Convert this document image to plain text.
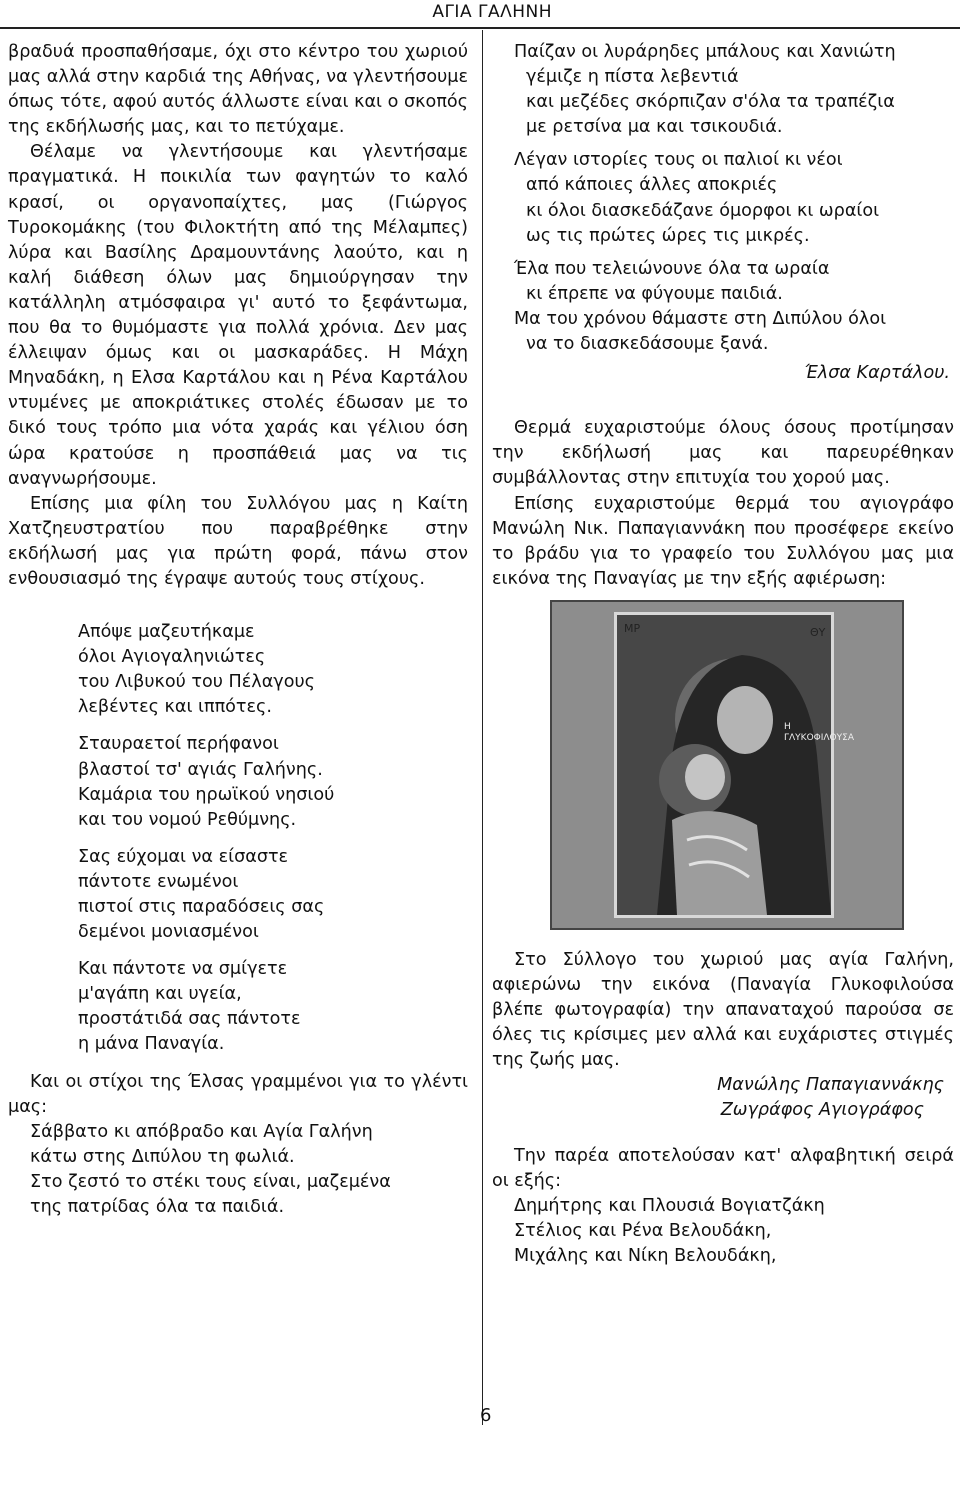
ΑΓΙΑ ΓΑΛΗΝΗ

βραδυά προσπαθήσαμε, όχι στο κέντρο του χωριού μας αλλά στην καρδιά της Αθήνας, να γλεντήσουμε όπως τότε, αφού αυτός άλλωστε είναι και ο σκοπός της εκδήλωσής μας, και το πετύχαμε.

Θέλαμε να γλεντήσουμε και γλεντήσαμε πραγματικά. Η ποικιλία των φαγητών το καλό κρασί, οι οργανοπαίχτες, μας (Γιώργος Τυροκομάκης (του Φιλοκτήτη από της Μέλαμπες) λύρα και Βασίλης Δραμουντάνης λαούτο, και η καλή διάθεση όλων μας δημιούργησαν την κατάλληλη ατμόσφαιρα γι' αυτό το ξεφάντωμα, που θα το θυμόμαστε για πολλά χρόνια. Δεν μας έλλειψαν όμως και οι μασκαράδες. Η Μάχη Μηναδάκη, η Ελσα Καρτάλου και η Ρένα Καρτάλου ντυμένες με αποκριάτικες στολές έδωσαν με το δικό τους τρόπο μια νότα χαράς και γέλιου όση ώρα κρατούσε η προσπάθειά μας να τις αναγνωρήσουμε.

Επίσης μια φίλη του Συλλόγου μας η Καίτη Χατζηευστρατίου που παραβρέθηκε στην εκδήλωσή μας για πρώτη φορά, πάνω στον ενθουσιασμό της έγραψε αυτούς τους στίχους.

Απόψε μαζευτήκαμε
όλοι Αγιογαληνιώτες
του Λιβυκού του Πέλαγους
λεβέντες και ιππότες.
Σταυραετοί περήφανοι
βλαστοί τσ' αγιάς Γαλήνης.
Καμάρια του ηρωϊκού νησιού
και του νομού Ρεθύμνης.
Σας εύχομαι να είσαστε
πάντοτε ενωμένοι
πιστοί στις παραδόσεις σας
δεμένοι μονιασμένοι
Και πάντοτε να σμίγετε
μ'αγάπη και υγεία,
προστάτιδά σας πάντοτε
η μάνα Παναγία.

Και οι στίχοι της Έλσας γραμμένοι για το γλέντι μας:

Σάββατο κι απόβραδο και Αγία Γαλήνη
κάτω στης Διπύλου τη φωλιά.
Στο ζεστό το στέκι τους είναι, μαζεμένα
της πατρίδας όλα τα παιδιά.
Παίζαν οι λυράρηδες μπάλους και Χανιώτη
γέμιζε η πίστα λεβεντιά
και μεζέδες σκόρπιζαν σ'όλα τα τραπέζια
με ρετσίνα μα και τσικουδιά.
Λέγαν ιστορίες τους οι παλιοί κι νέοι
από κάποιες άλλες αποκριές
κι όλοι διασκεδάζανε όμορφοι κι ωραίοι
ως τις πρώτες ώρες τις μικρές.
Έλα που τελειώνουνε όλα τα ωραία
κι έπρεπε να φύγουμε παιδιά.
Μα του χρόνου θάμαστε στη Διπύλου όλοι
να το διασκεδάσουμε ξανά.

Έλσα Καρτάλου.

Θερμά ευχαριστούμε όλους όσους προτίμησαν την εκδήλωσή μας και παρευρέθηκαν συμβάλλοντας στην επιτυχία του χορού μας.

Επίσης ευχαριστούμε θερμά του αγιογράφο Μανώλη Νικ. Παπαγιαννάκη που προσέφερε εκείνο το βράδυ για το γραφείο του Συλλόγου μας μια εικόνα της Παναγίας με την εξής αφιέρωση:

ΜΡ	ΘΥ
Η ΓΛΥΚΟΦΙΛΟΥΣΑ

Στο Σύλλογο του χωριού μας αγία Γαλήνη, αφιερώνω την εικόνα (Παναγία Γλυκοφιλούσα βλέπε φωτογραφία) την απαναταχού παρούσα σε όλες τις κρίσιμες μεν αλλά και ευχάριστες στιγμές της ζωής μας.

Μανώλης Παπαγιαννάκης

Ζωγράφος Αγιογράφος

Την παρέα αποτελούσαν κατ' αλφαβητική σειρά οι εξής:

Δημήτρης και Πλουσιά Βογιατζάκη
Στέλιος και Ρένα Βελουδάκη,
Μιχάλης και Νίκη Βελουδάκη,
6
